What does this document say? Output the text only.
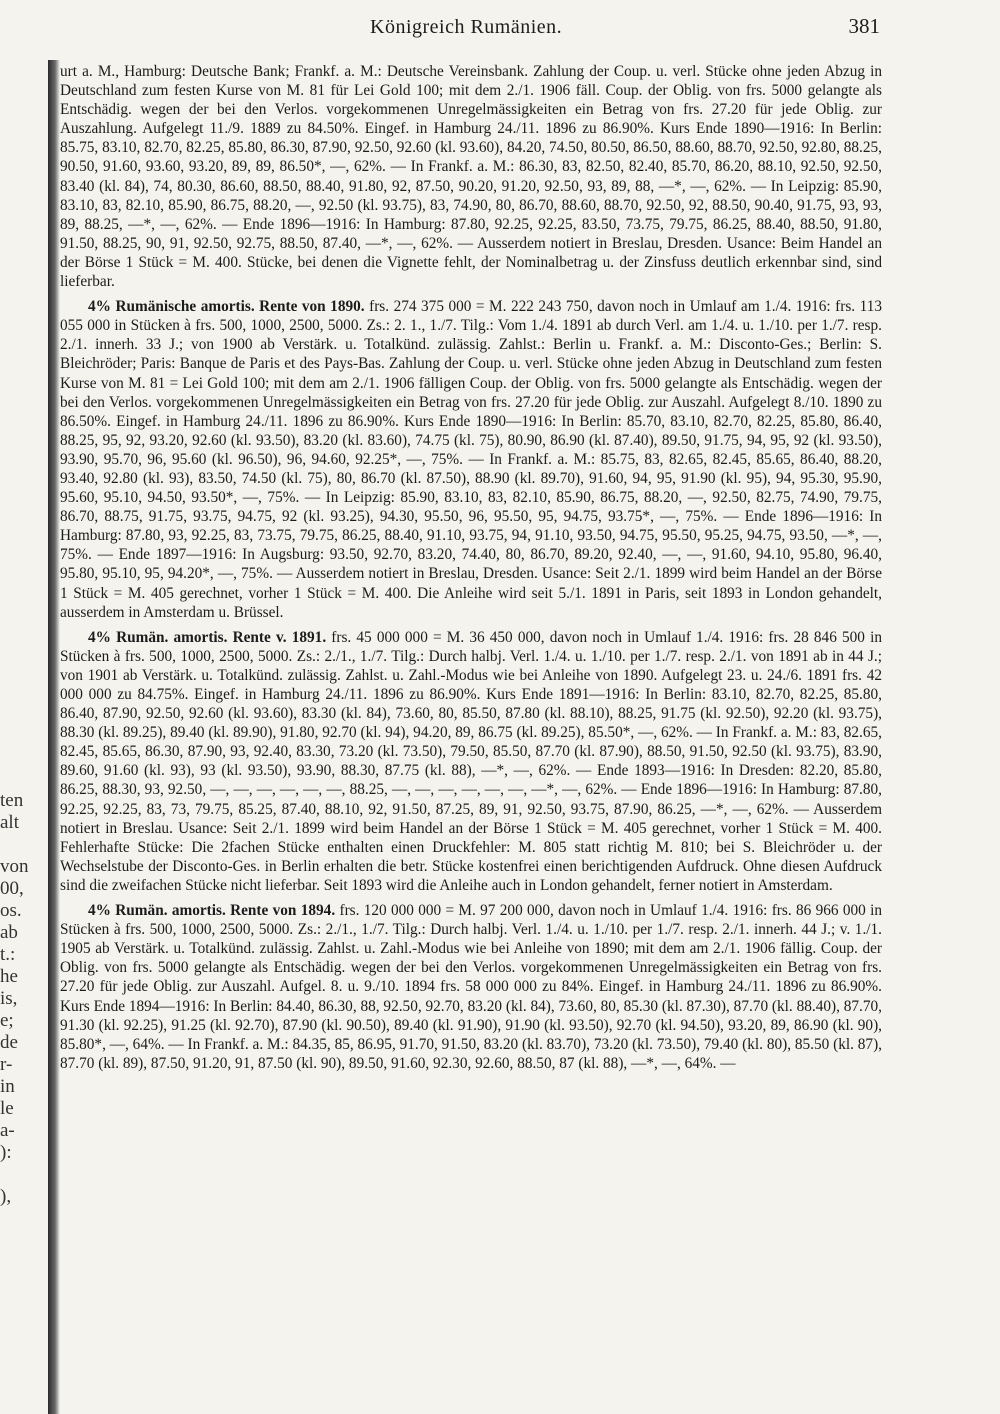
ten
alt

von
00,
os.
ab
t.:
he
is,
e;
de
r-
in
le
a-
):

),
Königreich Rumänien.	381

urt a. M., Hamburg: Deutsche Bank; Frankf. a. M.: Deutsche Vereinsbank. Zahlung der Coup. u. verl. Stücke ohne jeden Abzug in Deutschland zum festen Kurse von M. 81 für Lei Gold 100; mit dem 2./1. 1906 fäll. Coup. der Oblig. von frs. 5000 gelangte als Entschädig. wegen der bei den Verlos. vorgekommenen Unregelmässigkeiten ein Betrag von frs. 27.20 für jede Oblig. zur Auszahlung. Aufgelegt 11./9. 1889 zu 84.50%. Eingef. in Hamburg 24./11. 1896 zu 86.90%. Kurs Ende 1890—1916: In Berlin: 85.75, 83.10, 82.70, 82.25, 85.80, 86.30, 87.90, 92.50, 92.60 (kl. 93.60), 84.20, 74.50, 80.50, 86.50, 88.60, 88.70, 92.50, 92.80, 88.25, 90.50, 91.60, 93.60, 93.20, 89, 89, 86.50*, —, 62%. — In Frankf. a. M.: 86.30, 83, 82.50, 82.40, 85.70, 86.20, 88.10, 92.50, 92.50, 83.40 (kl. 84), 74, 80.30, 86.60, 88.50, 88.40, 91.80, 92, 87.50, 90.20, 91.20, 92.50, 93, 89, 88, —*, —, 62%. — In Leipzig: 85.90, 83.10, 83, 82.10, 85.90, 86.75, 88.20, —, 92.50 (kl. 93.75), 83, 74.90, 80, 86.70, 88.60, 88.70, 92.50, 92, 88.50, 90.40, 91.75, 93, 93, 89, 88.25, —*, —, 62%. — Ende 1896—1916: In Hamburg: 87.80, 92.25, 92.25, 83.50, 73.75, 79.75, 86.25, 88.40, 88.50, 91.80, 91.50, 88.25, 90, 91, 92.50, 92.75, 88.50, 87.40, —*, —, 62%. — Ausserdem notiert in Breslau, Dresden. Usance: Beim Handel an der Börse 1 Stück = M. 400. Stücke, bei denen die Vignette fehlt, der Nominalbetrag u. der Zinsfuss deutlich erkennbar sind, sind lieferbar.

4% Rumänische amortis. Rente von 1890. frs. 274 375 000 = M. 222 243 750, davon noch in Umlauf am 1./4. 1916: frs. 113 055 000 in Stücken à frs. 500, 1000, 2500, 5000. Zs.: 2. 1., 1./7. Tilg.: Vom 1./4. 1891 ab durch Verl. am 1./4. u. 1./10. per 1./7. resp. 2./1. innerh. 33 J.; von 1900 ab Verstärk. u. Totalkünd. zulässig. Zahlst.: Berlin u. Frankf. a. M.: Disconto-Ges.; Berlin: S. Bleichröder; Paris: Banque de Paris et des Pays-Bas. Zahlung der Coup. u. verl. Stücke ohne jeden Abzug in Deutschland zum festen Kurse von M. 81 = Lei Gold 100; mit dem am 2./1. 1906 fälligen Coup. der Oblig. von frs. 5000 gelangte als Entschädig. wegen der bei den Verlos. vorgekommenen Unregelmässigkeiten ein Betrag von frs. 27.20 für jede Oblig. zur Auszahl. Aufgelegt 8./10. 1890 zu 86.50%. Eingef. in Hamburg 24./11. 1896 zu 86.90%. Kurs Ende 1890—1916: In Berlin: 85.70, 83.10, 82.70, 82.25, 85.80, 86.40, 88.25, 95, 92, 93.20, 92.60 (kl. 93.50), 83.20 (kl. 83.60), 74.75 (kl. 75), 80.90, 86.90 (kl. 87.40), 89.50, 91.75, 94, 95, 92 (kl. 93.50), 93.90, 95.70, 96, 95.60 (kl. 96.50), 96, 94.60, 92.25*, —, 75%. — In Frankf. a. M.: 85.75, 83, 82.65, 82.45, 85.65, 86.40, 88.20, 93.40, 92.80 (kl. 93), 83.50, 74.50 (kl. 75), 80, 86.70 (kl. 87.50), 88.90 (kl. 89.70), 91.60, 94, 95, 91.90 (kl. 95), 94, 95.30, 95.90, 95.60, 95.10, 94.50, 93.50*, —, 75%. — In Leipzig: 85.90, 83.10, 83, 82.10, 85.90, 86.75, 88.20, —, 92.50, 82.75, 74.90, 79.75, 86.70, 88.75, 91.75, 93.75, 94.75, 92 (kl. 93.25), 94.30, 95.50, 96, 95.50, 95, 94.75, 93.75*, —, 75%. — Ende 1896—1916: In Hamburg: 87.80, 93, 92.25, 83, 73.75, 79.75, 86.25, 88.40, 91.10, 93.75, 94, 91.10, 93.50, 94.75, 95.50, 95.25, 94.75, 93.50, —*, —, 75%. — Ende 1897—1916: In Augsburg: 93.50, 92.70, 83.20, 74.40, 80, 86.70, 89.20, 92.40, —, —, 91.60, 94.10, 95.80, 96.40, 95.80, 95.10, 95, 94.20*, —, 75%. — Ausserdem notiert in Breslau, Dresden. Usance: Seit 2./1. 1899 wird beim Handel an der Börse 1 Stück = M. 405 gerechnet, vorher 1 Stück = M. 400. Die Anleihe wird seit 5./1. 1891 in Paris, seit 1893 in London gehandelt, ausserdem in Amsterdam u. Brüssel.

4% Rumän. amortis. Rente v. 1891. frs. 45 000 000 = M. 36 450 000, davon noch in Umlauf 1./4. 1916: frs. 28 846 500 in Stücken à frs. 500, 1000, 2500, 5000. Zs.: 2./1., 1./7. Tilg.: Durch halbj. Verl. 1./4. u. 1./10. per 1./7. resp. 2./1. von 1891 ab in 44 J.; von 1901 ab Verstärk. u. Totalkünd. zulässig. Zahlst. u. Zahl.-Modus wie bei Anleihe von 1890. Aufgelegt 23. u. 24./6. 1891 frs. 42 000 000 zu 84.75%. Eingef. in Hamburg 24./11. 1896 zu 86.90%. Kurs Ende 1891—1916: In Berlin: 83.10, 82.70, 82.25, 85.80, 86.40, 87.90, 92.50, 92.60 (kl. 93.60), 83.30 (kl. 84), 73.60, 80, 85.50, 87.80 (kl. 88.10), 88.25, 91.75 (kl. 92.50), 92.20 (kl. 93.75), 88.30 (kl. 89.25), 89.40 (kl. 89.90), 91.80, 92.70 (kl. 94), 94.20, 89, 86.75 (kl. 89.25), 85.50*, —, 62%. — In Frankf. a. M.: 83, 82.65, 82.45, 85.65, 86.30, 87.90, 93, 92.40, 83.30, 73.20 (kl. 73.50), 79.50, 85.50, 87.70 (kl. 87.90), 88.50, 91.50, 92.50 (kl. 93.75), 83.90, 89.60, 91.60 (kl. 93), 93 (kl. 93.50), 93.90, 88.30, 87.75 (kl. 88), —*, —, 62%. — Ende 1893—1916: In Dresden: 82.20, 85.80, 86.25, 88.30, 93, 92.50, —, —, —, —, —, —, 88.25, —, —, —, —, —, —, —*, —, 62%. — Ende 1896—1916: In Hamburg: 87.80, 92.25, 92.25, 83, 73, 79.75, 85.25, 87.40, 88.10, 92, 91.50, 87.25, 89, 91, 92.50, 93.75, 87.90, 86.25, —*, —, 62%. — Ausserdem notiert in Breslau. Usance: Seit 2./1. 1899 wird beim Handel an der Börse 1 Stück = M. 405 gerechnet, vorher 1 Stück = M. 400. Fehlerhafte Stücke: Die 2fachen Stücke enthalten einen Druckfehler: M. 805 statt richtig M. 810; bei S. Bleichröder u. der Wechselstube der Disconto-Ges. in Berlin erhalten die betr. Stücke kostenfrei einen berichtigenden Aufdruck. Ohne diesen Aufdruck sind die zweifachen Stücke nicht lieferbar. Seit 1893 wird die Anleihe auch in London gehandelt, ferner notiert in Amsterdam.

4% Rumän. amortis. Rente von 1894. frs. 120 000 000 = M. 97 200 000, davon noch in Umlauf 1./4. 1916: frs. 86 966 000 in Stücken à frs. 500, 1000, 2500, 5000. Zs.: 2./1., 1./7. Tilg.: Durch halbj. Verl. 1./4. u. 1./10. per 1./7. resp. 2./1. innerh. 44 J.; v. 1./1. 1905 ab Verstärk. u. Totalkünd. zulässig. Zahlst. u. Zahl.-Modus wie bei Anleihe von 1890; mit dem am 2./1. 1906 fällig. Coup. der Oblig. von frs. 5000 gelangte als Entschädig. wegen der bei den Verlos. vorgekommenen Unregelmässigkeiten ein Betrag von frs. 27.20 für jede Oblig. zur Auszahl. Aufgel. 8. u. 9./10. 1894 frs. 58 000 000 zu 84%. Eingef. in Hamburg 24./11. 1896 zu 86.90%. Kurs Ende 1894—1916: In Berlin: 84.40, 86.30, 88, 92.50, 92.70, 83.20 (kl. 84), 73.60, 80, 85.30 (kl. 87.30), 87.70 (kl. 88.40), 87.70, 91.30 (kl. 92.25), 91.25 (kl. 92.70), 87.90 (kl. 90.50), 89.40 (kl. 91.90), 91.90 (kl. 93.50), 92.70 (kl. 94.50), 93.20, 89, 86.90 (kl. 90), 85.80*, —, 64%. — In Frankf. a. M.: 84.35, 85, 86.95, 91.70, 91.50, 83.20 (kl. 83.70), 73.20 (kl. 73.50), 79.40 (kl. 80), 85.50 (kl. 87), 87.70 (kl. 89), 87.50, 91.20, 91, 87.50 (kl. 90), 89.50, 91.60, 92.30, 92.60, 88.50, 87 (kl. 88), —*, —, 64%. —
